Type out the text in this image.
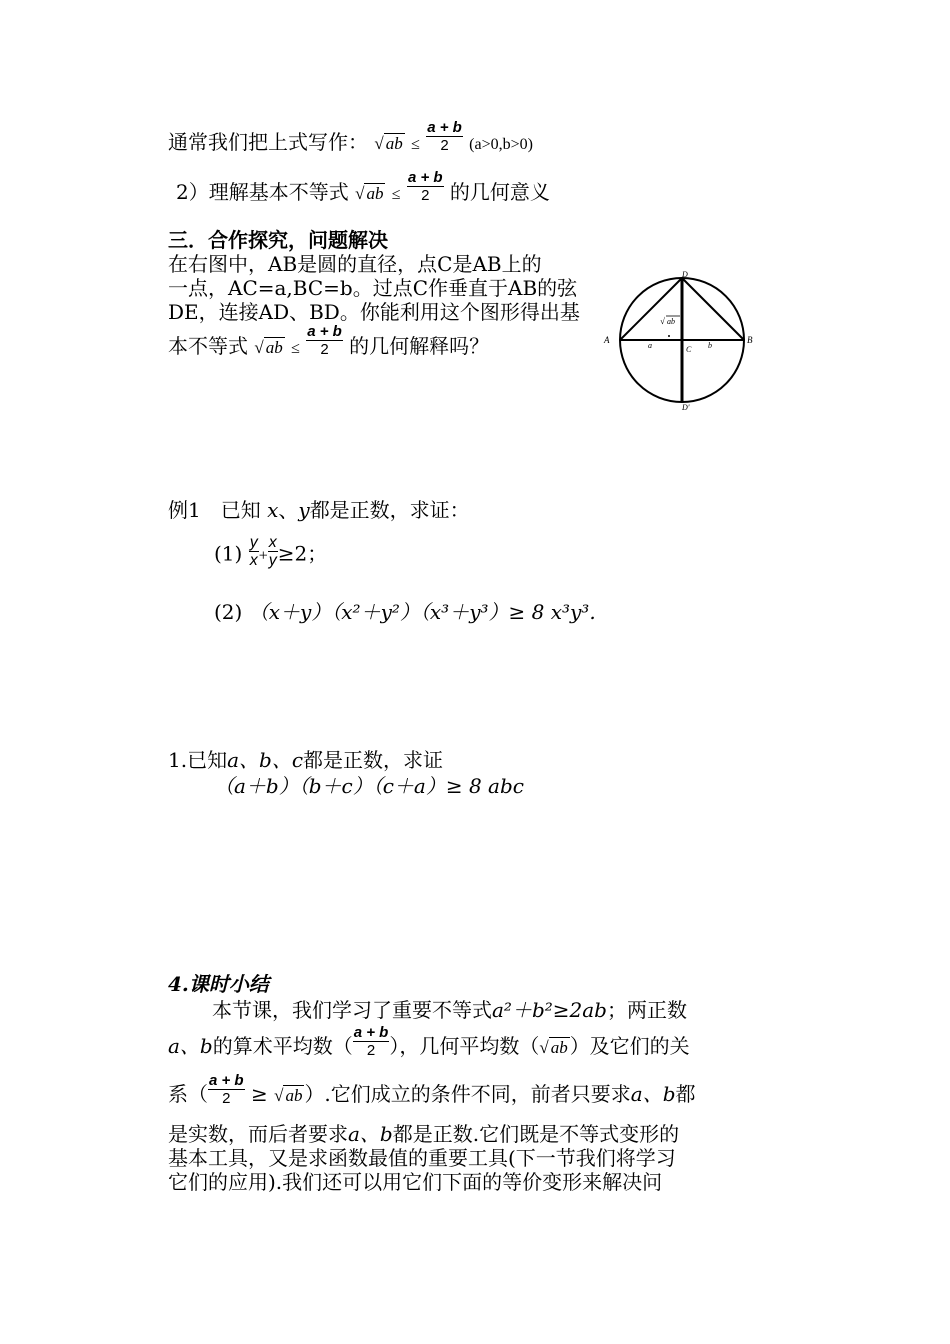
通常我们把上式写作： √ ab ≤ $\frac{a + b}{2} (a>0,b>0)$
2）理解基本不等式 √ ab ≤ $\frac{a + b}{2}$ 的几何意义
三．合作探究，问题解决
在右图中，AB是圆的直径，点C是AB上的
一点，AC=a,BC=b。过点C作垂直于AB的弦
DE，连接AD、BD。你能利用这个图形得出基
本不等式 √ ab ≤ $\frac{a + b}{2}$ 的几何解释吗？	A	B
C
D
D'
a	b
√ ab
例1　已知 x、y都是正数，求证：
$(1) \frac{y}{x} + \frac{x}{y} \ge 2$；
(2) （x＋y）（x²＋y²）（x³＋y³）≥ 8 x³y³.
1.已知a、b、c都是正数，求证
（a＋b）（b＋c）（c＋a）≥ 8 abc
4.课时小结
本节课，我们学习了重要不等式a²＋b²≥2ab；两正数
a、b的算术平均数（ $\frac{a + b}{2}$ ），几何平均数（√ ab ）及它们的关
系（ $\frac{a + b}{2}$ ≥ √ ab ）.它们成立的条件不同，前者只要求a、b都
是实数，而后者要求a、b都是正数.它们既是不等式变形的
基本工具，又是求函数最值的重要工具(下一节我们将学习
它们的应用).我们还可以用它们下面的等价变形来解决问
